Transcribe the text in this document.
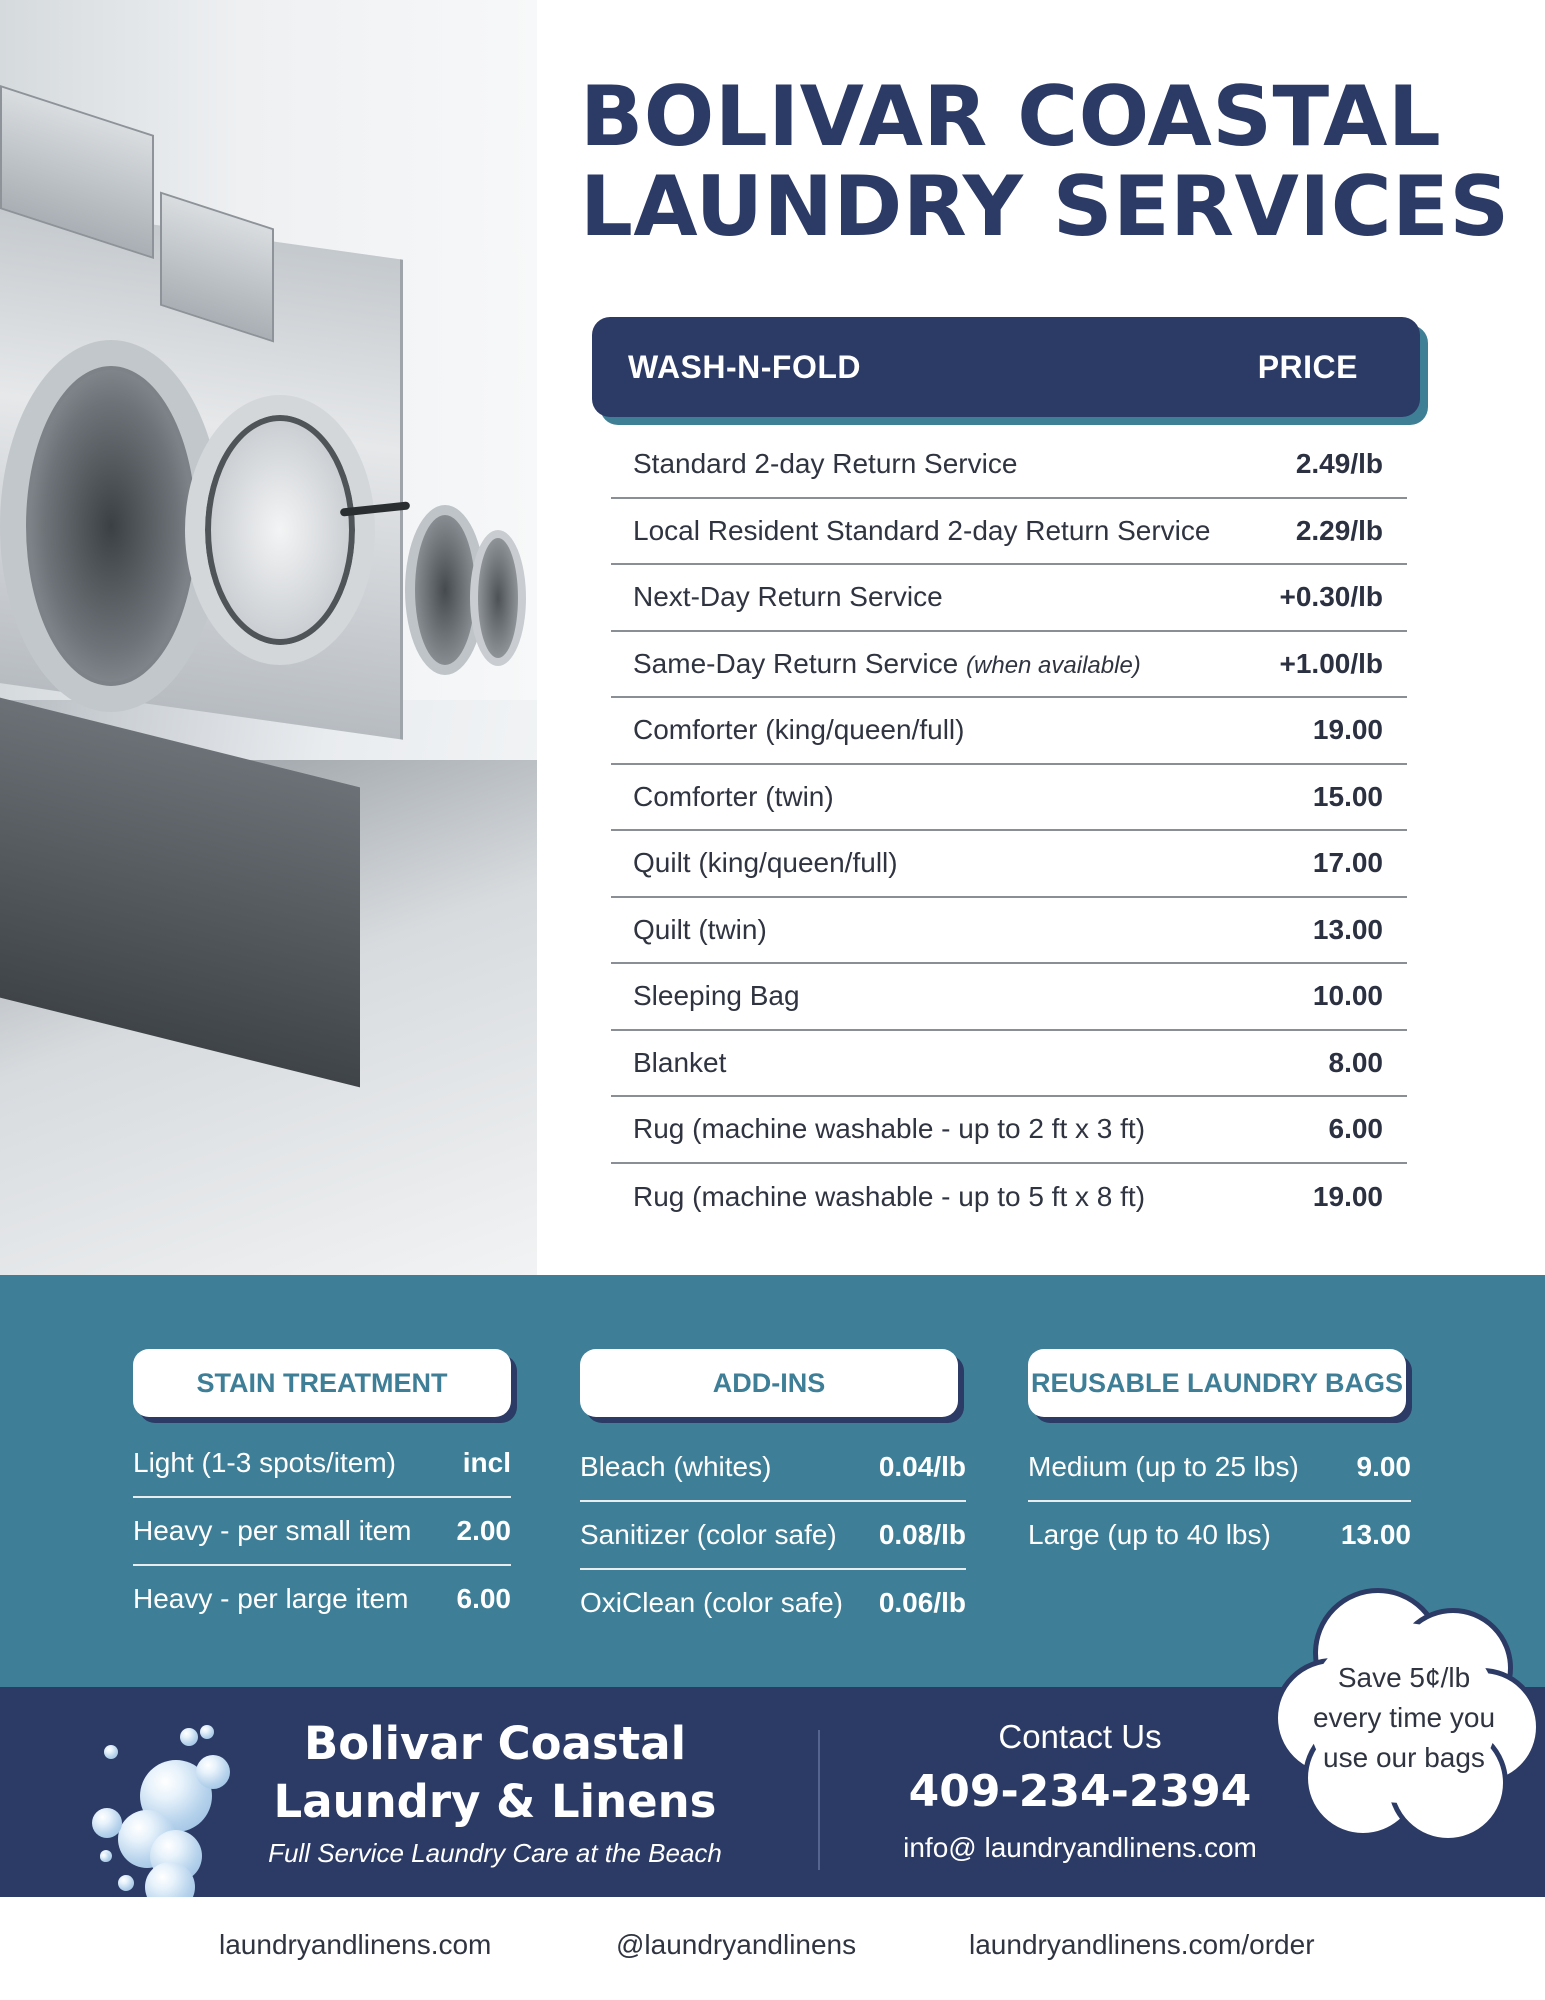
BOLIVAR COASTAL
LAUNDRY SERVICES
WASH-N-FOLD	PRICE
Standard 2-day Return Service	2.49/lb
Local Resident Standard 2-day Return Service	2.29/lb
Next-Day Return Service	+0.30/lb
Same-Day Return Service (when available)	+1.00/lb
Comforter (king/queen/full)	19.00
Comforter (twin)	15.00
Quilt (king/queen/full)	17.00
Quilt (twin)	13.00
Sleeping Bag	10.00
Blanket	8.00
Rug (machine washable - up to 2 ft x 3 ft)	6.00
Rug (machine washable - up to 5 ft x 8 ft)	19.00
STAIN TREATMENT	ADD-INS	REUSABLE LAUNDRY BAGS
Light (1-3 spots/item) incl
Heavy - per small item 2.00
Heavy - per large item 6.00
Bleach (whites)	0.04/lb
Sanitizer (color safe) 0.08/lb
OxiClean (color safe) 0.06/lb
Medium (up to 25 lbs) 9.00
Large (up to 40 lbs)	13.00
Bolivar Coastal
Laundry & Linens
Full Service Laundry Care at the Beach
Contact Us
409-234-2394
info@ laundryandlinens.com
Save 5¢/lb
every time you
use our bags
laundryandlinens.com	@laundryandlinens	laundryandlinens.com/order
